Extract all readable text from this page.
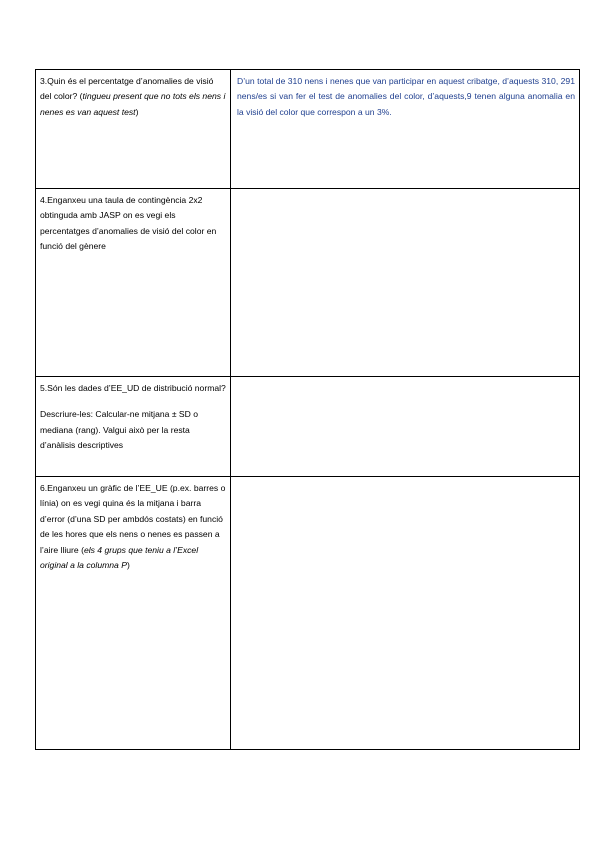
3.Quin és el percentatge d’anomalies de visió del color? (tingueu present que no tots els nens i nenes es van aquest test)	D’un total de 310 nens i nenes que van participar en aquest cribatge, d’aquests 310, 291 nens/es si van fer el test de anomalies del color, d’aquests,9 tenen alguna anomalia en la visió del color que correspon a un 3%.

4.Enganxeu una taula de contingència 2x2 obtinguda amb JASP on es vegi els percentatges d’anomalies de visió del color en funció del gènere	

5.Són les dades d’EE_UD de distribució normal?

Descriure-les: Calcular-ne mitjana ± SD o mediana (rang). Valgui això per la resta d’anàlisis descriptives	

6.Enganxeu un gràfic de l’EE_UE (p.ex. barres o línia) on es vegi quina és la mitjana i barra d’error (d’una SD per ambdós costats) en funció de les hores que els nens o nenes es passen a l’aire lliure (els 4 grups que teniu a l’Excel original a la columna P)	
